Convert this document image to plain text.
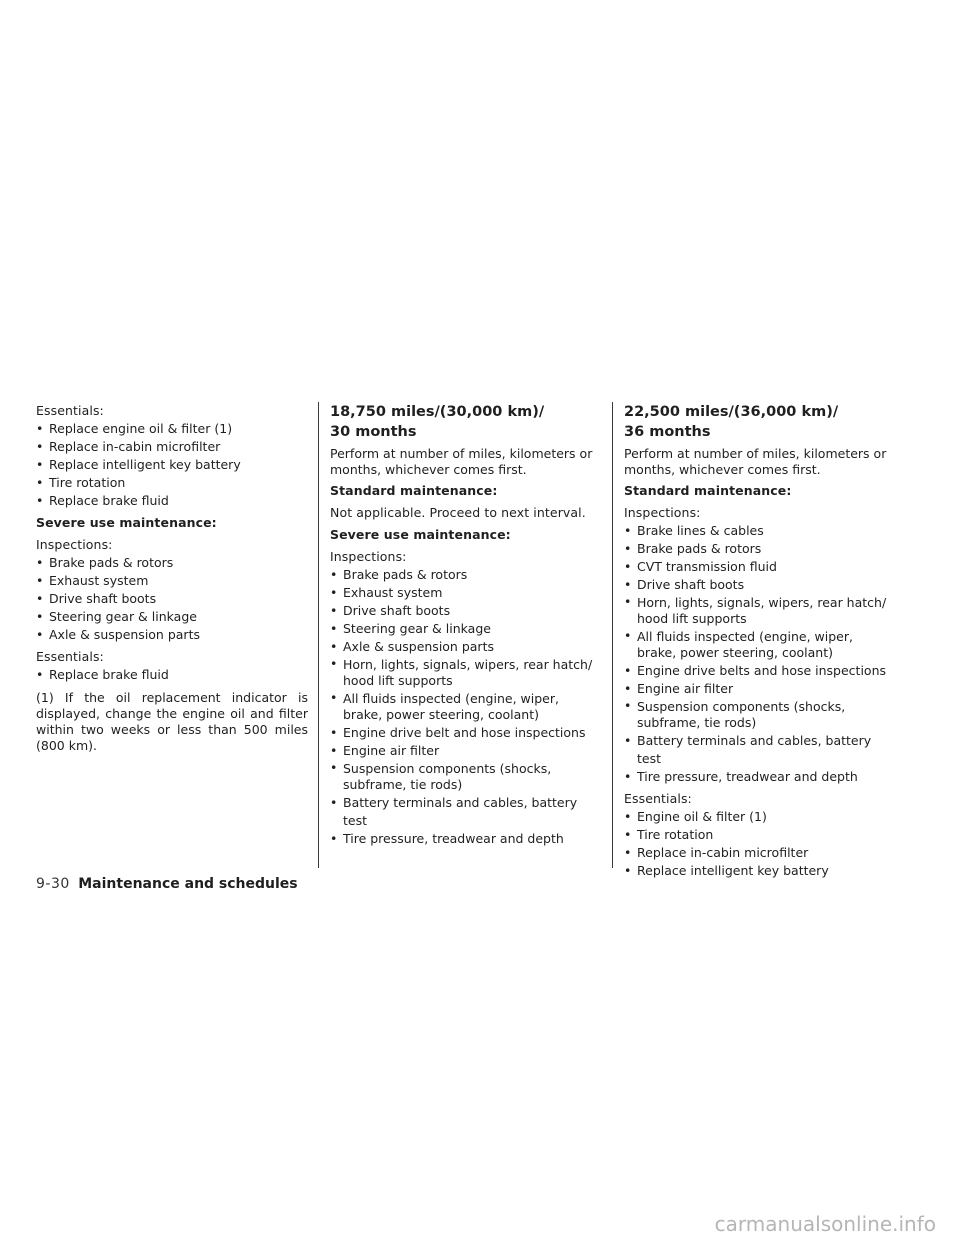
Essentials:
• Replace engine oil & filter (1)
• Replace in-cabin microfilter
• Replace intelligent key battery
• Tire rotation
• Replace brake fluid
Severe use maintenance:
Inspections:
• Brake pads & rotors
• Exhaust system
• Drive shaft boots
• Steering gear & linkage
• Axle & suspension parts
Essentials:
• Replace brake fluid
(1) If the oil replacement indicator is displayed, change the engine oil and filter within two weeks or less than 500 miles (800 km).
18,750 miles/(30,000 km)/
30 months
Perform at number of miles, kilometers or months, whichever comes first.
Standard maintenance:
Not applicable. Proceed to next interval.
Severe use maintenance:
Inspections:
• Brake pads & rotors
• Exhaust system
• Drive shaft boots
• Steering gear & linkage
• Axle & suspension parts
• Horn, lights, signals, wipers, rear hatch/ hood lift supports
• All fluids inspected (engine, wiper, brake, power steering, coolant)
• Engine drive belt and hose inspections
• Engine air filter
• Suspension components (shocks, subframe, tie rods)
• Battery terminals and cables, battery test
• Tire pressure, treadwear and depth
22,500 miles/(36,000 km)/
36 months
Perform at number of miles, kilometers or months, whichever comes first.
Standard maintenance:
Inspections:
• Brake lines & cables
• Brake pads & rotors
• CVT transmission fluid
• Drive shaft boots
• Horn, lights, signals, wipers, rear hatch/ hood lift supports
• All fluids inspected (engine, wiper, brake, power steering, coolant)
• Engine drive belts and hose inspections
• Engine air filter
• Suspension components (shocks, subframe, tie rods)
• Battery terminals and cables, battery test
• Tire pressure, treadwear and depth
Essentials:
• Engine oil & filter (1)
• Tire rotation
• Replace in-cabin microfilter
• Replace intelligent key battery
9-30 Maintenance and schedules
carmanualsonline.info
